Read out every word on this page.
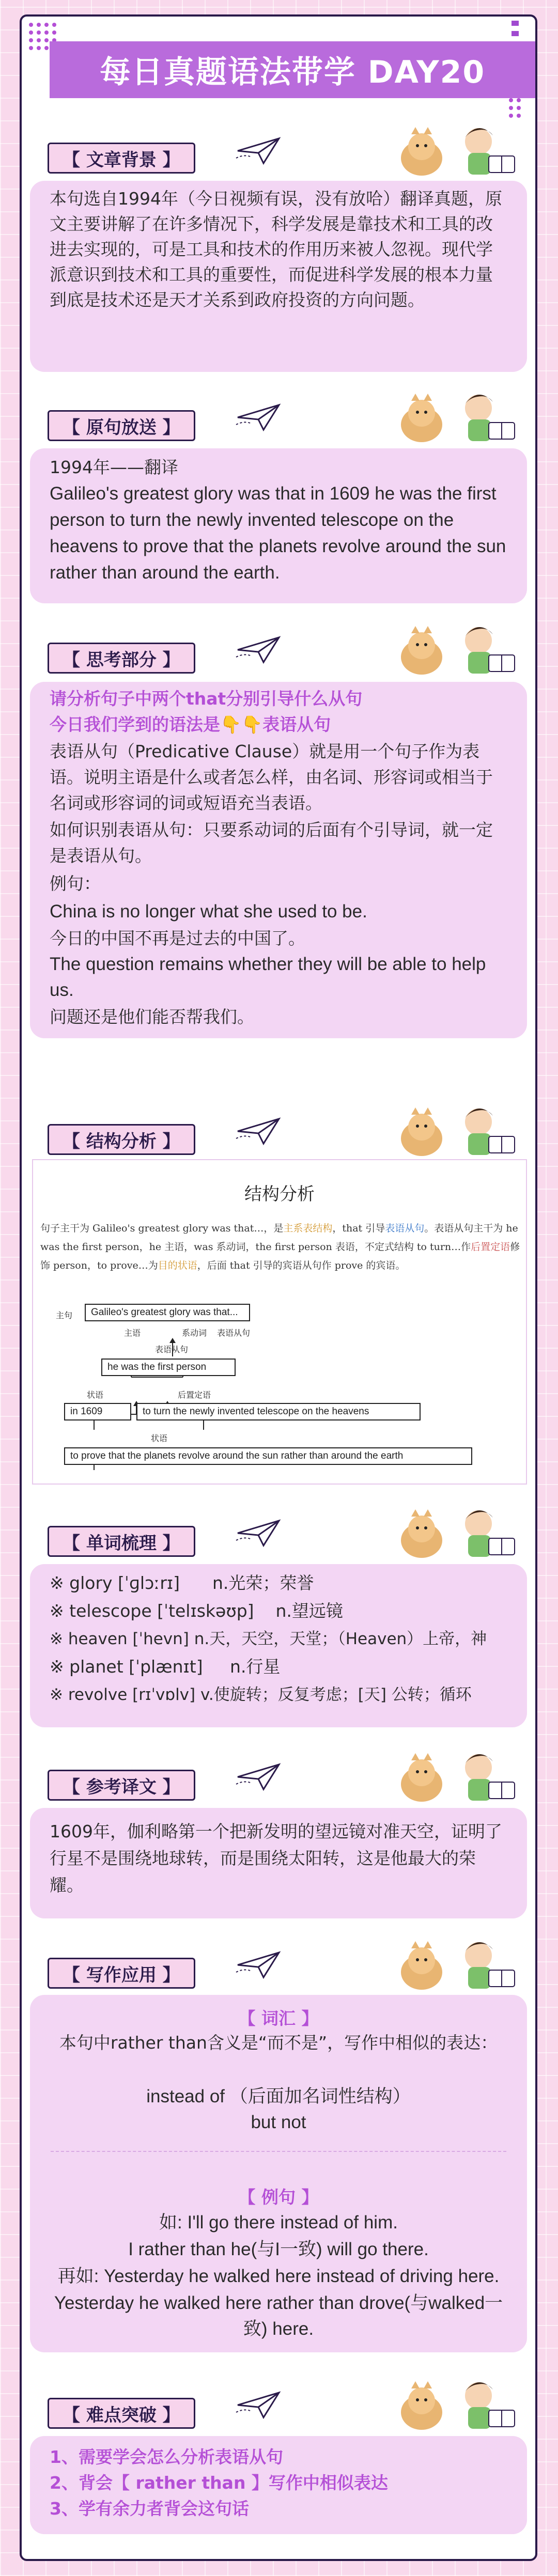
每日真题语法带学 DAY20
【 文章背景 】
本句选自1994年（今日视频有误，没有放哈）翻译真题，原文主要讲解了在许多情况下，科学发展是靠技术和工具的改进去实现的，可是工具和技术的作用历来被人忽视。现代学派意识到技术和工具的重要性，而促进科学发展的根本力量到底是技术还是天才关系到政府投资的方向问题。
【 原句放送 】
1994年——翻译
Galileo's greatest glory was that in 1609 he was the first person to turn the newly invented telescope on the heavens to prove that the planets revolve around the sun rather than around the earth.
【 思考部分 】
请分析句子中两个that分别引导什么从句
今日我们学到的语法是👇👇表语从句
表语从句（Predicative Clause）就是用一个句子作为表语。说明主语是什么或者怎么样，由名词、形容词或相当于名词或形容词的词或短语充当表语。
如何识别表语从句：只要系动词的后面有个引导词，就一定是表语从句。
例句：
China is no longer what she used to be.
今日的中国不再是过去的中国了。
The question remains whether they will be able to help us.
问题还是他们能否帮我们。
【 结构分析 】
结构分析
句子主干为 Galileo's greatest glory was that…，是主系表结构，that 引导表语从句。表语从句主干为 he was the first person，he 主语，was 系动词，the first person 表语，不定式结构 to turn…作后置定语修饰 person，to prove…为目的状语，后面 that 引导的宾语从句作 prove 的宾语。
主句	Galileo's greatest glory was that...
主语	系动词 表语从句
表语从句
he was the first person
状语	后置定语
in 1609	to turn the newly invented telescope on the heavens
状语
to prove that the planets revolve around the sun rather than around the earth
【 单词梳理 】
※ glory [ˈɡlɔːrɪ]      n.光荣；荣誉
※ telescope [ˈtelɪskəʊp]    n.望远镜
※ heaven [ˈhevn] n.天，天空，天堂；（Heaven）上帝，神
※ planet [ˈplænɪt]     n.行星
※ revolve [rɪˈvɒlv] v.使旋转；反复考虑；[天] 公转；循环
【 参考译文 】
1609年，伽利略第一个把新发明的望远镜对准天空，证明了行星不是围绕地球转，而是围绕太阳转，这是他最大的荣耀。
【 写作应用 】
【 词汇 】
本句中rather than含义是“而不是”，写作中相似的表达：
instead of （后面加名词性结构）
but not
【 例句 】
如: I'll go there instead of him.
I rather than he(与I一致) will go there.
再如: Yesterday he walked here instead of driving here.
Yesterday he walked here rather than drove(与walked一致) here.
【 难点突破 】
1、需要学会怎么分析表语从句
2、背会【 rather than 】写作中相似表达
3、学有余力者背会这句话
